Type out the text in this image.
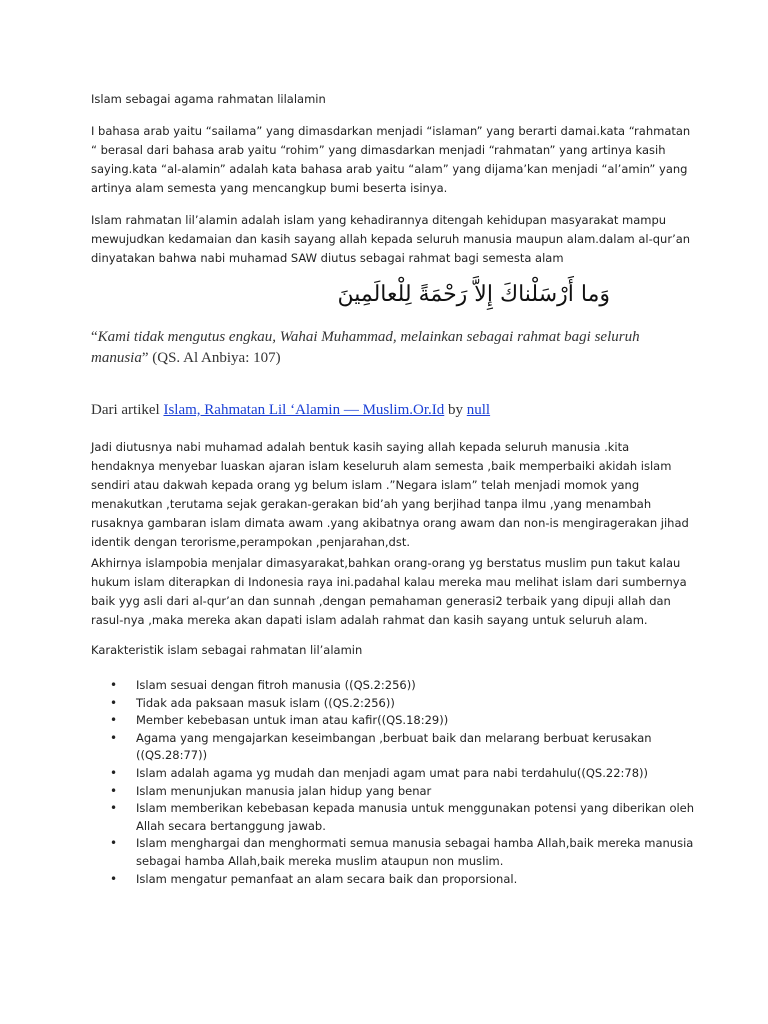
Islam sebagai agama rahmatan lilalamin

I bahasa arab yaitu “sailama” yang dimasdarkan menjadi “islaman” yang berarti damai.kata “rahmatan “ berasal dari bahasa arab yaitu “rohim” yang dimasdarkan menjadi “rahmatan” yang artinya kasih saying.kata “al-alamin” adalah kata bahasa arab yaitu “alam” yang dijama’kan menjadi “al’amin” yang artinya alam semesta yang mencangkup bumi beserta isinya.

Islam rahmatan lil’alamin adalah islam yang kehadirannya ditengah kehidupan masyarakat mampu mewujudkan kedamaian dan kasih sayang allah kepada seluruh manusia maupun alam.dalam al-qur’an dinyatakan bahwa nabi muhamad SAW diutus sebagai rahmat bagi semesta alam

وَما أَرْسَلْناكَ إِلاَّ رَحْمَةً لِلْعالَمِينَ
“Kami tidak mengutus engkau, Wahai Muhammad, melainkan sebagai rahmat bagi seluruh manusia” (QS. Al Anbiya: 107)
Dari artikel Islam, Rahmatan Lil ‘Alamin — Muslim.Or.Id by null

Jadi diutusnya nabi muhamad adalah bentuk kasih saying allah kepada seluruh manusia .kita hendaknya menyebar luaskan ajaran islam keseluruh alam semesta ,baik memperbaiki akidah islam sendiri atau dakwah kepada orang yg belum islam .”Negara islam” telah menjadi momok yang menakutkan ,terutama sejak gerakan-gerakan bid’ah yang berjihad tanpa ilmu ,yang menambah rusaknya gambaran islam dimata awam .yang akibatnya orang awam dan non-is mengiragerakan jihad identik dengan terorisme,perampokan ,penjarahan,dst.

Akhirnya islampobia menjalar dimasyarakat,bahkan orang-orang yg berstatus muslim pun takut kalau hukum islam diterapkan di Indonesia raya ini.padahal kalau mereka mau melihat islam dari sumbernya baik yyg asli dari al-qur’an dan sunnah ,dengan pemahaman generasi2 terbaik yang dipuji allah dan rasul-nya ,maka mereka akan dapati islam adalah rahmat dan kasih sayang untuk seluruh alam.

Karakteristik islam sebagai rahmatan lil’alamin

• Islam sesuai dengan fitroh manusia ((QS.2:256))
• Tidak ada paksaan masuk islam ((QS.2:256))
• Member kebebasan untuk iman atau kafir((QS.18:29))
• Agama yang mengajarkan keseimbangan ,berbuat baik dan melarang berbuat kerusakan ((QS.28:77))
• Islam adalah agama yg mudah dan menjadi agam umat para nabi terdahulu((QS.22:78))
• Islam menunjukan manusia jalan hidup yang benar
• Islam memberikan kebebasan kepada manusia untuk menggunakan potensi yang diberikan oleh Allah secara bertanggung jawab.
• Islam menghargai dan menghormati semua manusia sebagai hamba Allah,baik mereka manusia sebagai hamba Allah,baik mereka muslim ataupun non muslim.
• Islam mengatur pemanfaat an alam secara baik dan proporsional.
